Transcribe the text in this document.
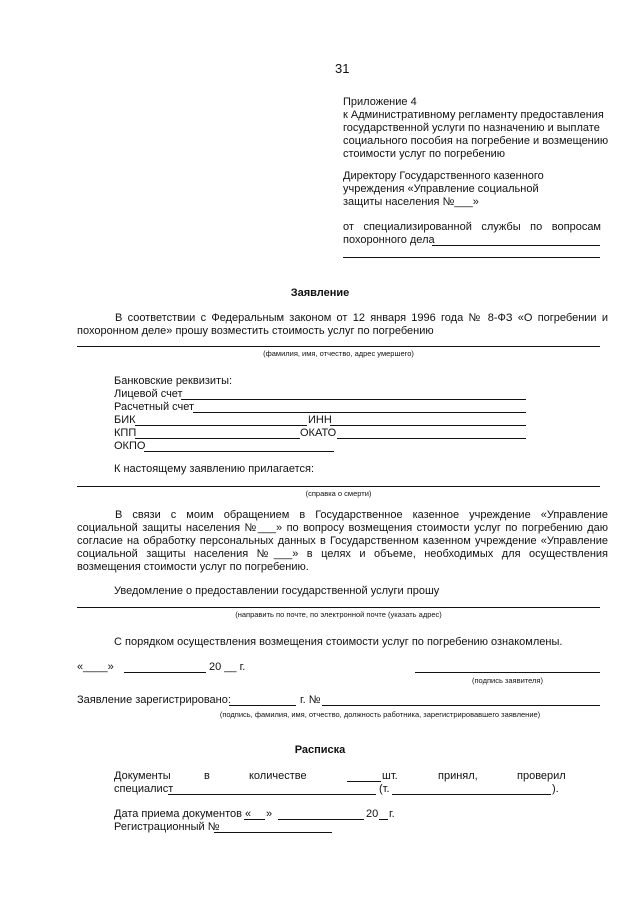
31
Приложение 4
к Административному регламенту предоставления
государственной услуги по назначению и выплате
социального пособия на погребение и возмещению
стоимости услуг по погребению
Директору Государственного казенного
учреждения «Управление социальной
защиты населения №___»
от специализированной службы по вопросам
похоронного дела
Заявление
В соответствии с Федеральным законом от 12 января 1996 года № 8-ФЗ «О погребении и похоронном деле» прошу возместить стоимость услуг по погребению
(фамилия, имя, отчество, адрес умершего)
Банковские реквизиты:
Лицевой счет
Расчетный счет
БИК	ИНН
КПП	ОКАТО
ОКПО
К настоящему заявлению прилагается:
(справка о смерти)
В связи с моим обращением в Государственное казенное учреждение «Управление социальной защиты населения №___» по вопросу возмещения стоимости услуг по погребению даю согласие на обработку персональных данных в Государственном казенном учреждение «Управление социальной защиты населения №___» в целях и объеме, необходимых для осуществления возмещения стоимости услуг по погребению.
Уведомление о предоставлении государственной услуги прошу
(направить по почте, по электронной почте (указать адрес)
С порядком осуществления возмещения стоимости услуг по погребению ознакомлены.
«____»	20 __ г.
(подпись заявителя)
Заявление зарегистрировано:	г. №
(подпись, фамилия, имя, отчество, должность работника, зарегистрировавшего заявление)
Расписка
Документы	в	количестве	шт.	принял,	проверил
специалист	(т.	).
Дата приема документов « »	20 г.
Регистрационный №
